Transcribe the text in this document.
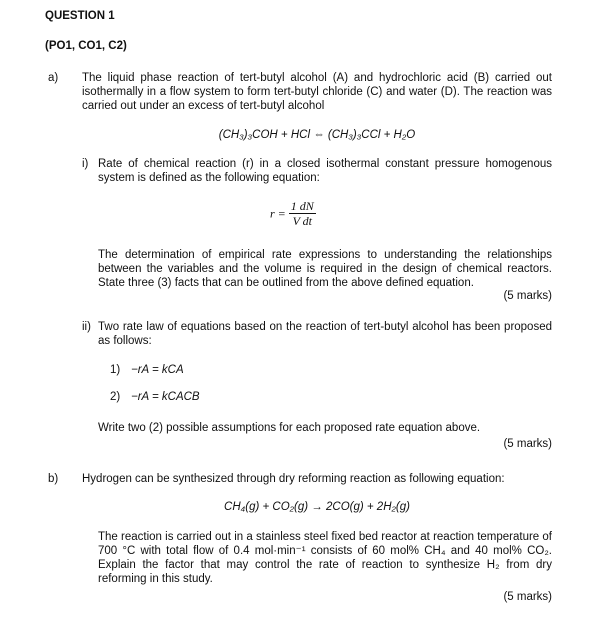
QUESTION 1
(PO1, CO1, C2)
a) The liquid phase reaction of tert-butyl alcohol (A) and hydrochloric acid (B) carried out isothermally in a flow system to form tert-butyl chloride (C) and water (D). The reaction was carried out under an excess of tert-butyl alcohol
(CH₃)₃COH + HCl ⇔ (CH₃)₃CCl + H₂O
i) Rate of chemical reaction (r) in a closed isothermal constant pressure homogenous system is defined as the following equation:
$r = \frac{1 dN}{\text{V dt}}$
The determination of empirical rate expressions to understanding the relationships between the variables and the volume is required in the design of chemical reactors. State three (3) facts that can be outlined from the above defined equation.
(5 marks)
ii) Two rate law of equations based on the reaction of tert-butyl alcohol has been proposed as follows:
1) −rA = kCA
2) −rA = kCACB
Write two (2) possible assumptions for each proposed rate equation above.
(5 marks)
b) Hydrogen can be synthesized through dry reforming reaction as following equation:
CH₄(g) + CO₂(g) → 2CO(g) + 2H₂(g)
The reaction is carried out in a stainless steel fixed bed reactor at reaction temperature of 700 °C with total flow of 0.4 mol·min⁻¹ consists of 60 mol% CH₄ and 40 mol% CO₂. Explain the factor that may control the rate of reaction to synthesize H₂ from dry reforming in this study.
(5 marks)
